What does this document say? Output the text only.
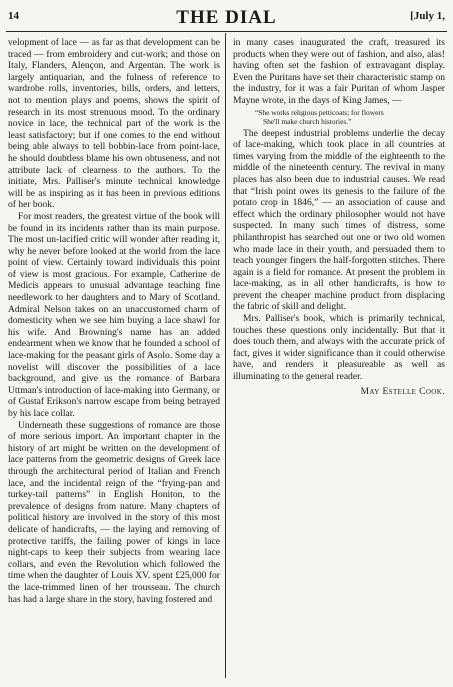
14	THE DIAL	[July 1,

velopment of lace — as far as that development can be traced — from embroidery and cut-work; and those on Italy, Flanders, Alençon, and Argentan. The work is largely antiquarian, and the fulness of reference to wardrobe rolls, inventories, bills, orders, and letters, not to mention plays and poems, shows the spirit of research in its most strenuous mood. To the ordinary novice in lace, the technical part of the work is the least satisfactory; but if one comes to the end without being able always to tell bobbin-lace from point-lace, he should doubtless blame his own obtuseness, and not attribute lack of clearness to the authors. To the initiate, Mrs. Palliser's minute technical knowledge will be as inspiring as it has been in previous editions of her book.

For most readers, the greatest virtue of the book will be found in its incidents rather than its main purpose. The most un-lacified critic will wonder after reading it, why he never before looked at the world from the lace point of view. Certainly toward individuals this point of view is most gracious. For example, Catherine de Medicis appears to unusual advantage teaching fine needlework to her daughters and to Mary of Scotland. Admiral Nelson takes on an unaccustomed charm of domesticity when we see him buying a lace shawl for his wife. And Browning's name has an added endearment when we know that he founded a school of lace-making for the peasant girls of Asolo. Some day a novelist will discover the possibilities of a lace background, and give us the romance of Barbara Uttman's introduction of lace-making into Germany, or of Gustaf Erikson's narrow escape from being betrayed by his lace collar.

Underneath these suggestions of romance are those of more serious import. An important chapter in the history of art might be written on the development of lace patterns from the geometric designs of Greek lace through the architectural period of Italian and French lace, and the incidental reign of the “frying-pan and turkey-tail patterns” in English Honiton, to the prevalence of designs from nature. Many chapters of political history are involved in the story of this most delicate of handicrafts, — the laying and removing of protective tariffs, the failing power of kings in lace night-caps to keep their subjects from wearing lace collars, and even the Revolution which followed the time when the daughter of Louis XV. spent £25,000 for the lace-trimmed linen of her trousseau. The church has had a large share in the story, having fostered and

in many cases inaugurated the craft, treasured its products when they were out of fashion, and also, alas! having often set the fashion of extravagant display. Even the Puritans have set their characteristic stamp on the industry, for it was a fair Puritan of whom Jasper Mayne wrote, in the days of King James, —

“She works religious petticoats; for flowers
She'll make church histories.”

The deepest industrial problems underlie the decay of lace-making, which took place in all countries at times varying from the middle of the eighteenth to the middle of the nineteenth century. The revival in many places has also been due to industrial causes. We read that “Irish point owes its genesis to the failure of the potato crop in 1846,” — an association of cause and effect which the ordinary philosopher would not have suspected. In many such times of distress, some philanthropist has searched out one or two old women who made lace in their youth, and persuaded them to teach younger fingers the half-forgotten stitches. There again is a field for romance. At present the problem in lace-making, as in all other handicrafts, is how to prevent the cheaper machine product from displacing the fabric of skill and delight.

Mrs. Palliser's book, which is primarily technical, touches these questions only incidentally. But that it does touch them, and always with the accurate prick of fact, gives it wider significance than it could otherwise have, and renders it pleasureable as well as illuminating to the general reader.

May Estelle Cook.
